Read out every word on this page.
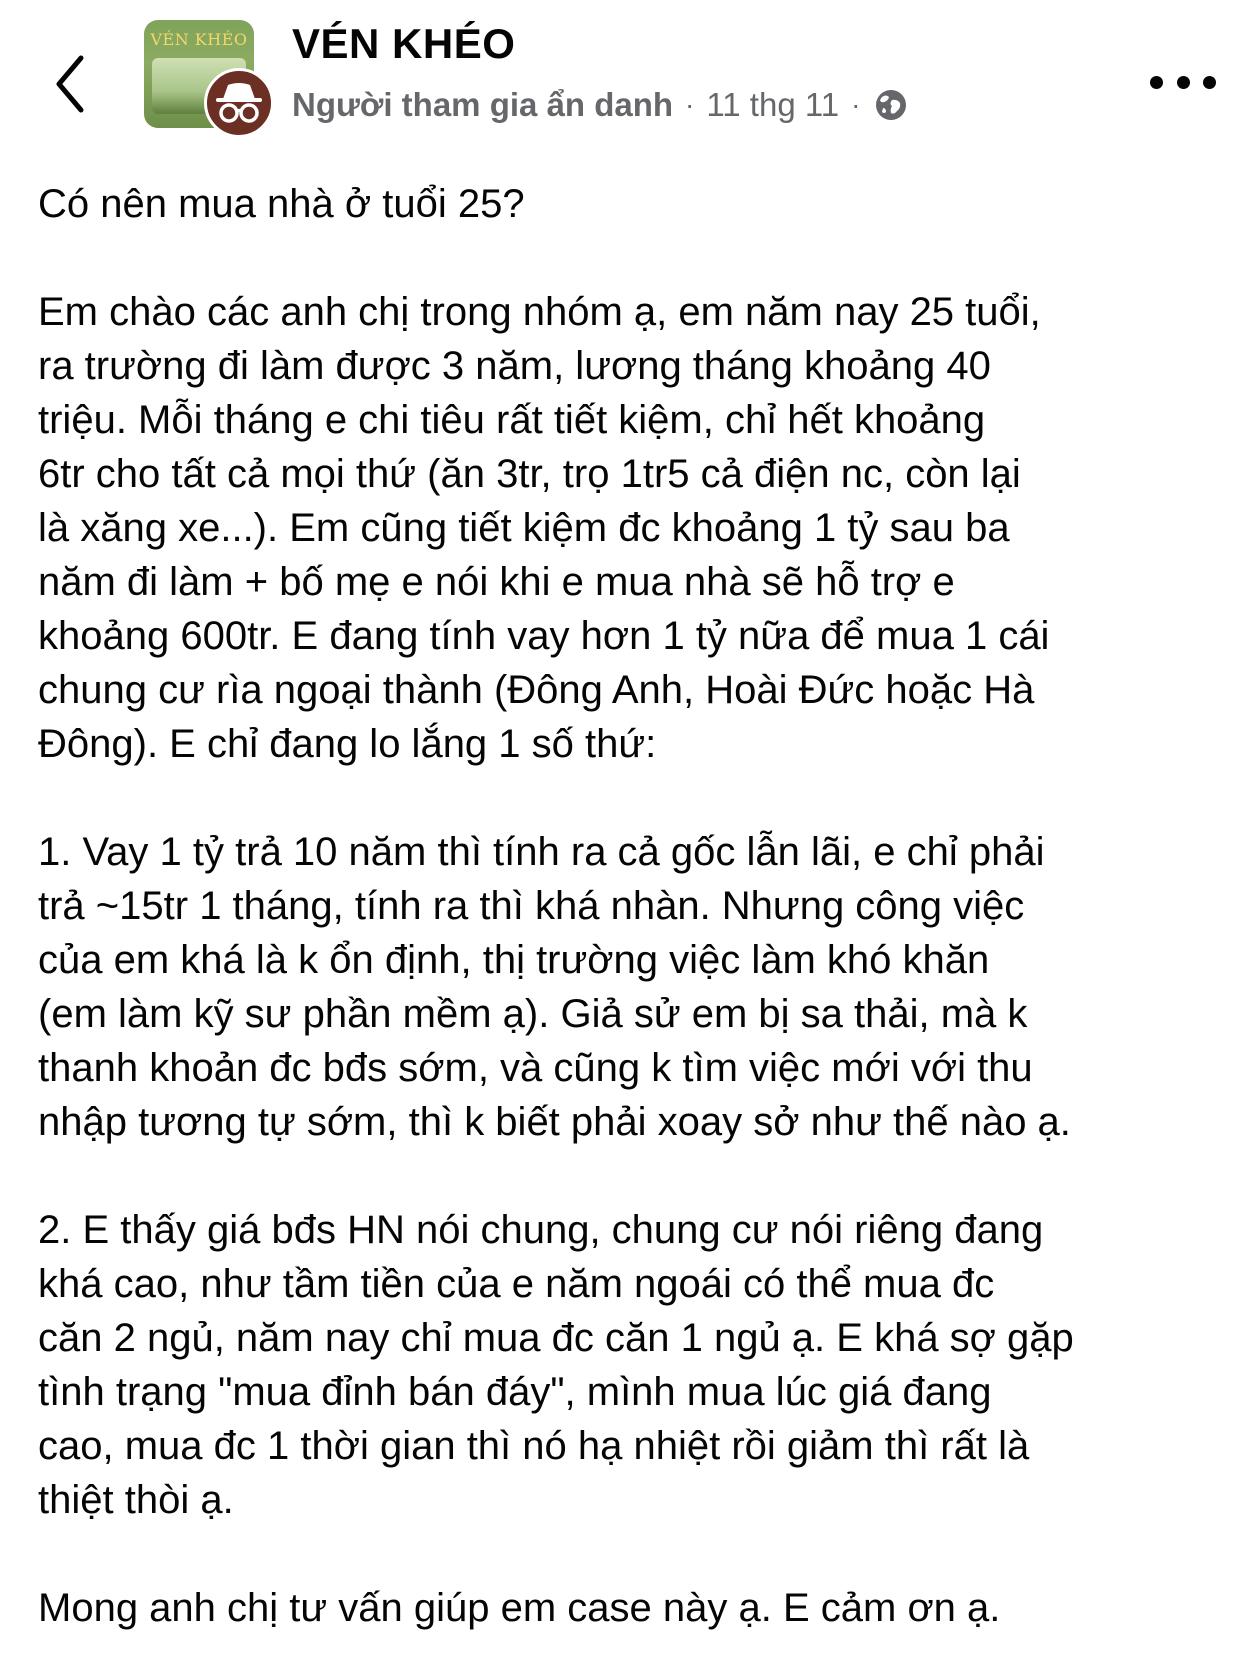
VÉN KHÉO VÉN KHÉO
Người tham gia ẩn danh · 11 thg 11 ·

Có nên mua nhà ở tuổi 25?

Em chào các anh chị trong nhóm ạ, em năm nay 25 tuổi,
ra trường đi làm được 3 năm, lương tháng khoảng 40
triệu. Mỗi tháng e chi tiêu rất tiết kiệm, chỉ hết khoảng
6tr cho tất cả mọi thứ (ăn 3tr, trọ 1tr5 cả điện nc, còn lại
là xăng xe...). Em cũng tiết kiệm đc khoảng 1 tỷ sau ba
năm đi làm + bố mẹ e nói khi e mua nhà sẽ hỗ trợ e
khoảng 600tr. E đang tính vay hơn 1 tỷ nữa để mua 1 cái
chung cư rìa ngoại thành (Đông Anh, Hoài Đức hoặc Hà
Đông). E chỉ đang lo lắng 1 số thứ:

1. Vay 1 tỷ trả 10 năm thì tính ra cả gốc lẫn lãi, e chỉ phải
trả ~15tr 1 tháng, tính ra thì khá nhàn. Nhưng công việc
của em khá là k ổn định, thị trường việc làm khó khăn
(em làm kỹ sư phần mềm ạ). Giả sử em bị sa thải, mà k
thanh khoản đc bđs sớm, và cũng k tìm việc mới với thu
nhập tương tự sớm, thì k biết phải xoay sở như thế nào ạ.

2. E thấy giá bđs HN nói chung, chung cư nói riêng đang
khá cao, như tầm tiền của e năm ngoái có thể mua đc
căn 2 ngủ, năm nay chỉ mua đc căn 1 ngủ ạ. E khá sợ gặp
tình trạng "mua đỉnh bán đáy", mình mua lúc giá đang
cao, mua đc 1 thời gian thì nó hạ nhiệt rồi giảm thì rất là
thiệt thòi ạ.

Mong anh chị tư vấn giúp em case này ạ. E cảm ơn ạ.
